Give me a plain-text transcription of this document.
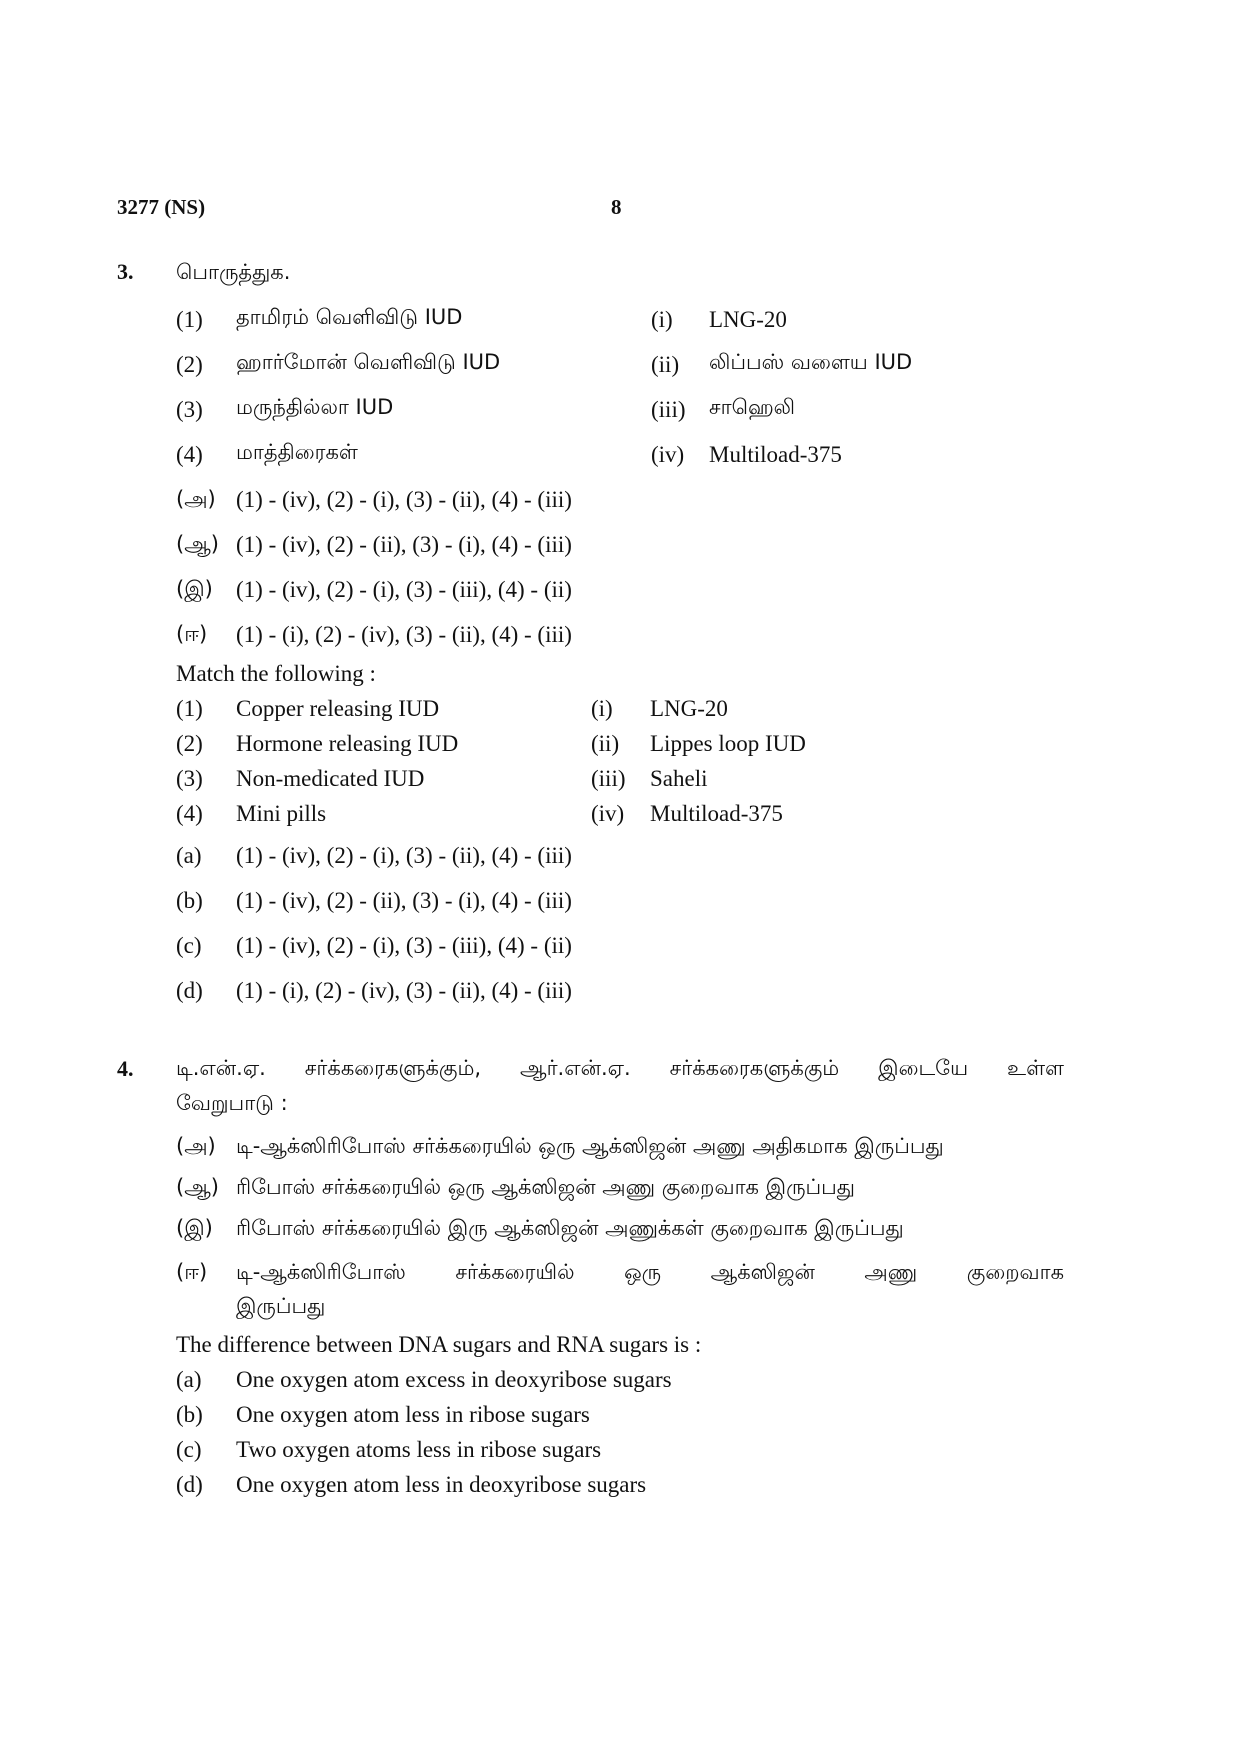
3277 (NS)	8
3. பொருத்துக.
(1) தாமிரம் வெளிவிடு IUD	(i) LNG-20
(2) ஹார்மோன் வெளிவிடு IUD	(ii) லிப்பஸ் வளைய IUD
(3) மருந்தில்லா IUD	(iii) சாஹெலி
(4) மாத்திரைகள்	(iv) Multiload-375
(அ) (1) - (iv), (2) - (i), (3) - (ii), (4) - (iii)
(ஆ) (1) - (iv), (2) - (ii), (3) - (i), (4) - (iii)
(இ) (1) - (iv), (2) - (i), (3) - (iii), (4) - (ii)
(ஈ) (1) - (i), (2) - (iv), (3) - (ii), (4) - (iii)
Match the following :
(1) Copper releasing IUD	(i) LNG-20
(2) Hormone releasing IUD	(ii) Lippes loop IUD
(3) Non-medicated IUD	(iii) Saheli
(4) Mini pills	(iv) Multiload-375
(a) (1) - (iv), (2) - (i), (3) - (ii), (4) - (iii)
(b) (1) - (iv), (2) - (ii), (3) - (i), (4) - (iii)
(c) (1) - (iv), (2) - (i), (3) - (iii), (4) - (ii)
(d) (1) - (i), (2) - (iv), (3) - (ii), (4) - (iii)
4. டி.என்.ஏ. சர்க்கரைகளுக்கும், ஆர்.என்.ஏ. சர்க்கரைகளுக்கும் இடையே உள்ள
வேறுபாடு :
(அ) டி-ஆக்ஸிரிபோஸ் சர்க்கரையில் ஒரு ஆக்ஸிஜன் அணு அதிகமாக இருப்பது
(ஆ) ரிபோஸ் சர்க்கரையில் ஒரு ஆக்ஸிஜன் அணு குறைவாக இருப்பது
(இ) ரிபோஸ் சர்க்கரையில் இரு ஆக்ஸிஜன் அணுக்கள் குறைவாக இருப்பது
(ஈ) டி-ஆக்ஸிரிபோஸ் சர்க்கரையில் ஒரு ஆக்ஸிஜன் அணு குறைவாக
இருப்பது
The difference between DNA sugars and RNA sugars is :
(a) One oxygen atom excess in deoxyribose sugars
(b) One oxygen atom less in ribose sugars
(c) Two oxygen atoms less in ribose sugars
(d) One oxygen atom less in deoxyribose sugars
